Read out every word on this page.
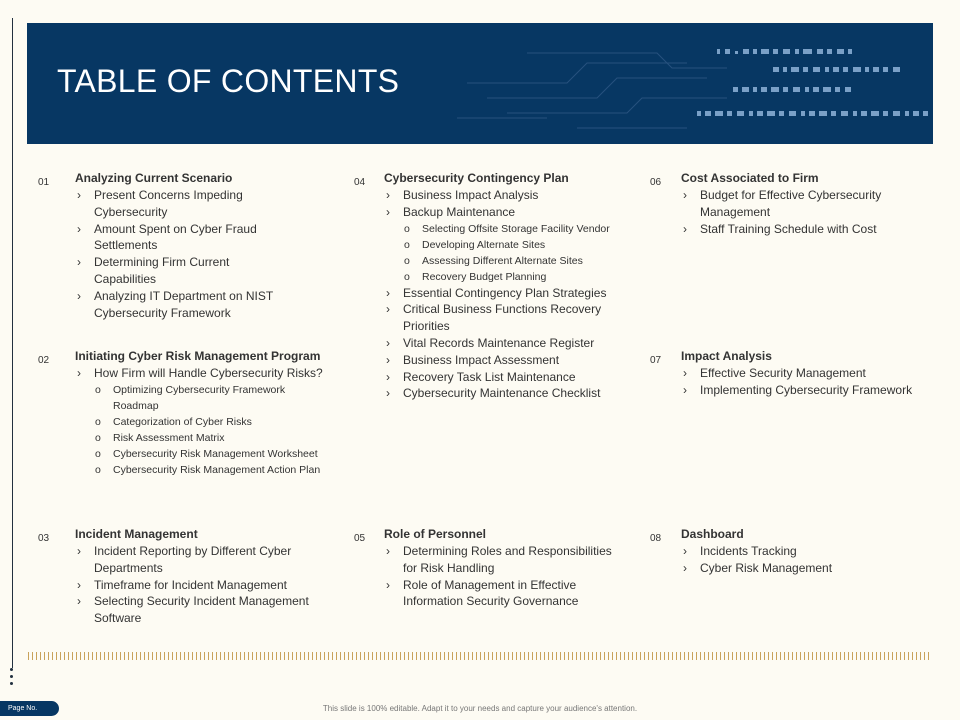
TABLE OF CONTENTS
01 Analyzing Current Scenario
› Present Concerns Impeding Cybersecurity
› Amount Spent on Cyber Fraud Settlements
› Determining Firm Current Capabilities
› Analyzing IT Department on NIST Cybersecurity Framework
02 Initiating Cyber Risk Management Program
› How Firm will Handle Cybersecurity Risks?
o Optimizing Cybersecurity Framework Roadmap
o Categorization of Cyber Risks
o Risk Assessment Matrix
o Cybersecurity Risk Management Worksheet
o Cybersecurity Risk Management Action Plan
03 Incident Management
› Incident Reporting by Different Cyber Departments
› Timeframe for Incident Management
› Selecting Security Incident Management Software
04 Cybersecurity Contingency Plan
› Business Impact Analysis
› Backup Maintenance
o Selecting Offsite Storage Facility Vendor
o Developing Alternate Sites
o Assessing Different Alternate Sites
o Recovery Budget Planning
› Essential Contingency Plan Strategies
› Critical Business Functions Recovery Priorities
› Vital Records Maintenance Register
› Business Impact Assessment
› Recovery Task List Maintenance
› Cybersecurity Maintenance Checklist
05 Role of Personnel
› Determining Roles and Responsibilities for Risk Handling
› Role of Management in Effective Information Security Governance
06 Cost Associated to Firm
› Budget for Effective Cybersecurity Management
› Staff Training Schedule with Cost
07 Impact Analysis
› Effective Security Management
› Implementing Cybersecurity Framework
08 Dashboard
› Incidents Tracking
› Cyber Risk Management
Page No.	This slide is 100% editable. Adapt it to your needs and capture your audience's attention.
